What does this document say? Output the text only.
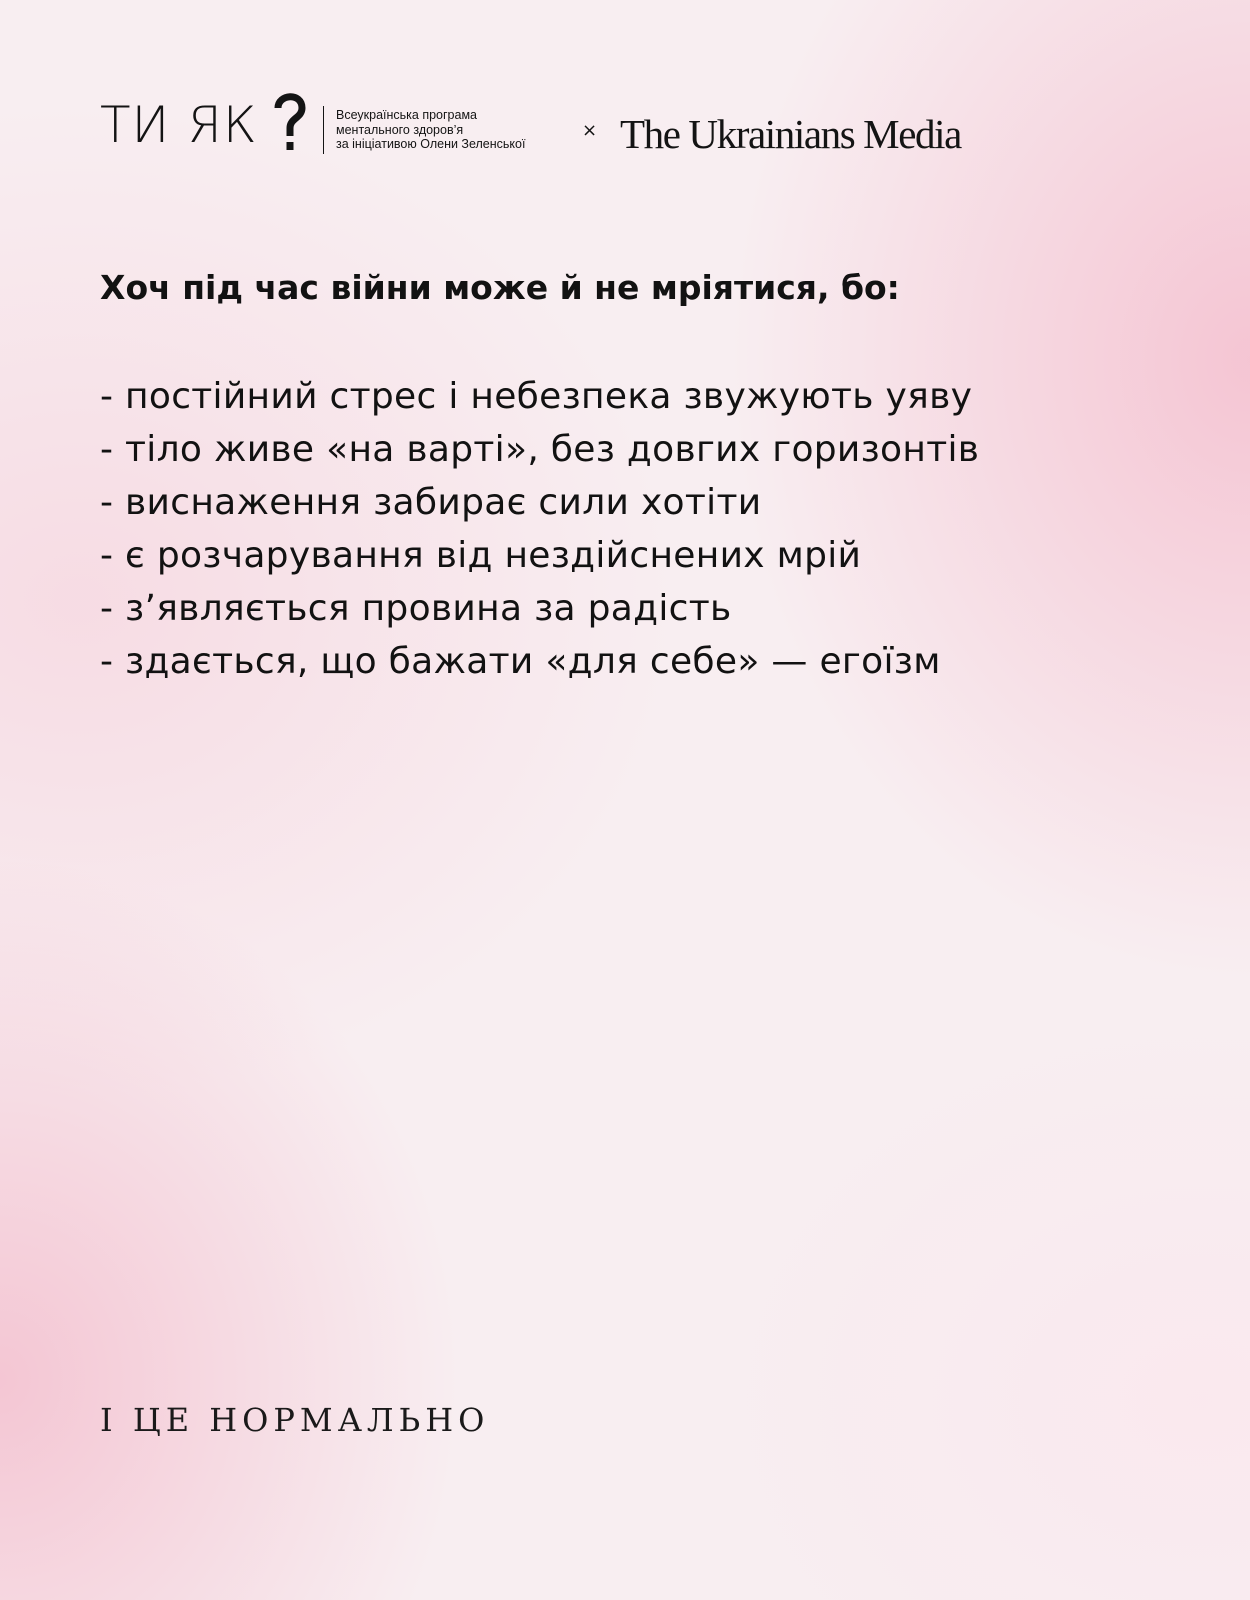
ТИ ЯК	Всеукраїнська програма
ментального здоров’я
за ініціативою Олени Зеленської
× The Ukrainians Media
Хоч під час війни може й не мріятися, бо:
- постійний стрес і небезпека звужують уяву
- тіло живе «на варті», без довгих горизонтів
- виснаження забирає сили хотіти
- є розчарування від нездійснених мрій
- з’являється провина за радість
- здається, що бажати «для себе» — егоїзм
І ЦЕ НОРМАЛЬНО
